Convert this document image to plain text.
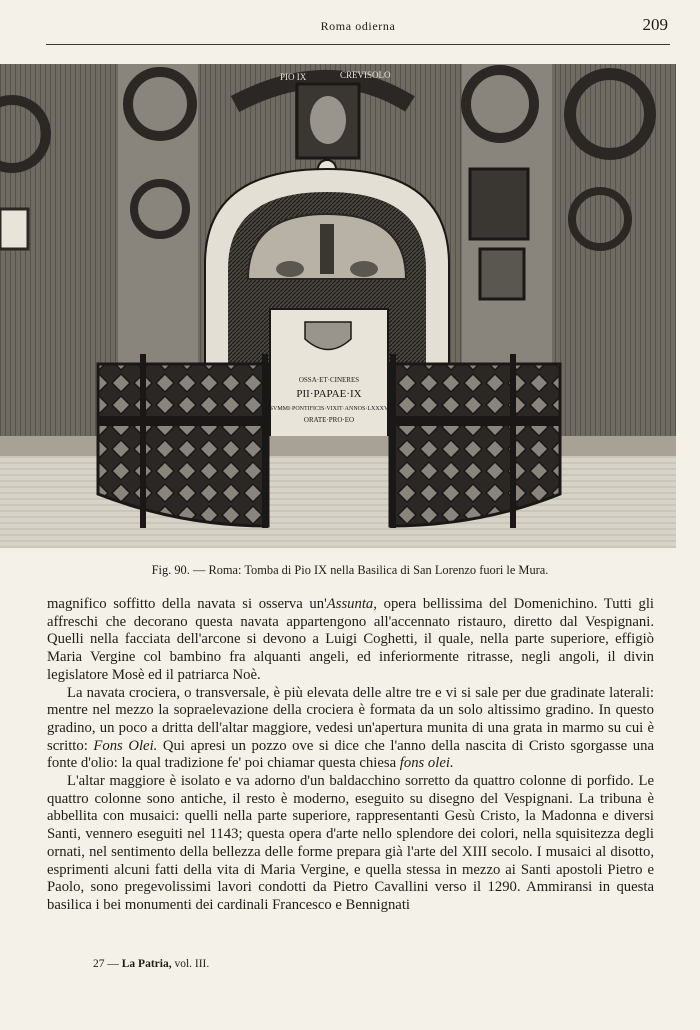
Roma odierna	209
PIO IX	CREVISOLO
OSSA·ET·CINERES
PII·PAPAE·IX
SVMMI·PONTIFICIS·VIXIT·ANNOS·LXXXV
ORATE·PRO·EO
Fig. 90. — Roma: Tomba di Pio IX nella Basilica di San Lorenzo fuori le Mura.

magnifico soffitto della navata si osserva un'Assunta, opera bellissima del Domenichino. Tutti gli affreschi che decorano questa navata appartengono all'accennato ristauro, diretto dal Vespignani. Quelli nella facciata dell'arcone si devono a Luigi Coghetti, il quale, nella parte superiore, effigiò Maria Vergine col bambino fra alquanti angeli, ed inferiormente ritrasse, negli angoli, il divin legislatore Mosè ed il patriarca Noè.

La navata crociera, o transversale, è più elevata delle altre tre e vi si sale per due gradinate laterali: mentre nel mezzo la sopraelevazione della crociera è formata da un solo altissimo gradino. In questo gradino, un poco a dritta dell'altar maggiore, vedesi un'apertura munita di una grata in marmo su cui è scritto: Fons Olei. Qui apresi un pozzo ove si dice che l'anno della nascita di Cristo sgorgasse una fonte d'olio: la qual tradizione fe' poi chiamar questa chiesa fons olei.

L'altar maggiore è isolato e va adorno d'un baldacchino sorretto da quattro colonne di porfido. Le quattro colonne sono antiche, il resto è moderno, eseguito su disegno del Vespignani. La tribuna è abbellita con musaici: quelli nella parte superiore, rappresentanti Gesù Cristo, la Madonna e diversi Santi, vennero eseguiti nel 1143; questa opera d'arte nello splendore dei colori, nella squisitezza degli ornati, nel sentimento della bellezza delle forme prepara già l'arte del XIII secolo. I musaici al disotto, esprimenti alcuni fatti della vita di Maria Vergine, e quella stessa in mezzo ai Santi apostoli Pietro e Paolo, sono pregevolissimi lavori condotti da Pietro Cavallini verso il 1290. Ammiransi in questa basilica i bei monumenti dei cardinali Francesco e Bennignati

27 — La Patria, vol. III.
